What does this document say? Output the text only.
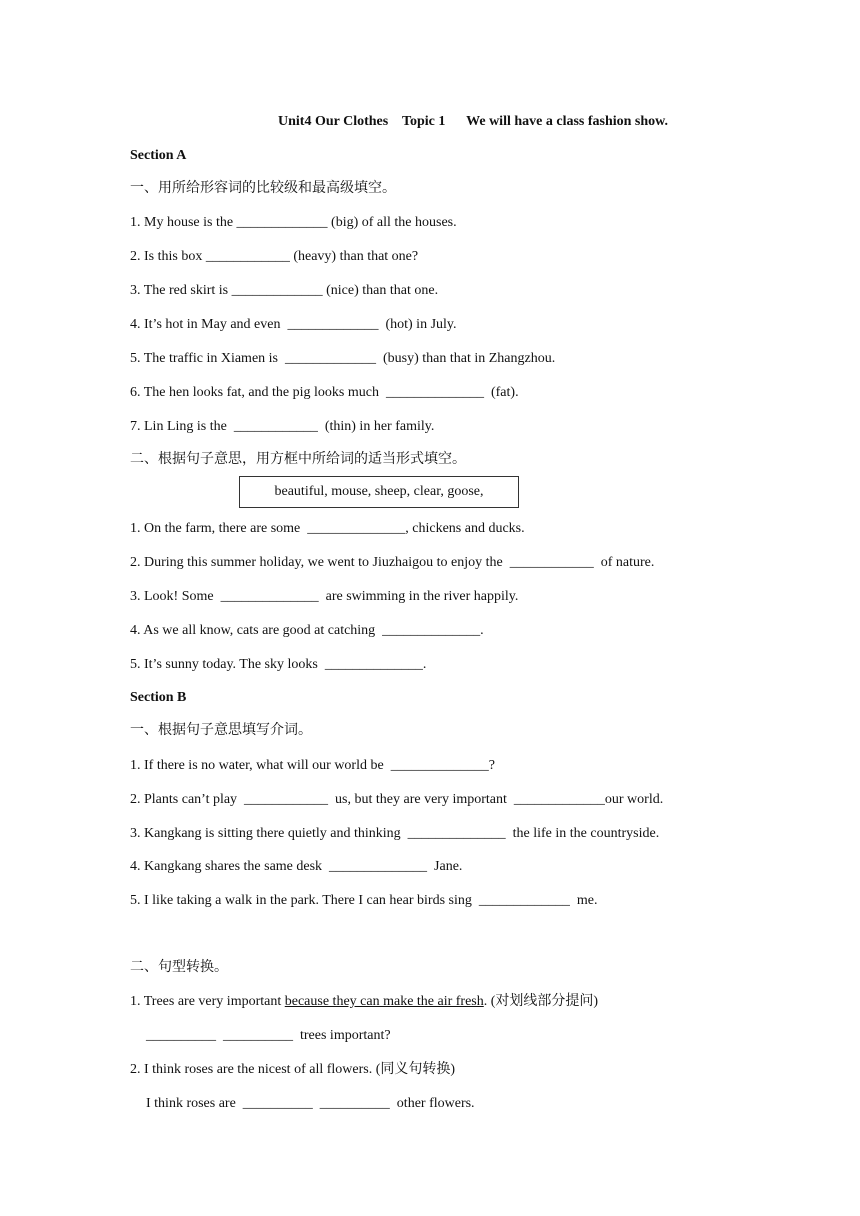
Unit4 Our Clothes    Topic 1      We will have a class fashion show.
Section A
一、用所给形容词的比较级和最高级填空。
1. My house is the _____________ (big) of all the houses.
2. Is this box ____________ (heavy) than that one?
3. The red skirt is _____________ (nice) than that one.
4. It’s hot in May and even  _____________  (hot) in July.
5. The traffic in Xiamen is  _____________  (busy) than that in Zhangzhou.
6. The hen looks fat, and the pig looks much  ______________  (fat).
7. Lin Ling is the  ____________  (thin) in her family.
二、根据句子意思，用方框中所给词的适当形式填空。
beautiful, mouse, sheep, clear, goose,
1. On the farm, there are some  ______________, chickens and ducks.
2. During this summer holiday, we went to Jiuzhaigou to enjoy the  ____________  of nature.
3. Look! Some  ______________  are swimming in the river happily.
4. As we all know, cats are good at catching  ______________.
5. It’s sunny today. The sky looks  ______________.
Section B
一、根据句子意思填写介词。
1. If there is no water, what will our world be  ______________?
2. Plants can’t play  ____________  us, but they are very important  _____________our world.
3. Kangkang is sitting there quietly and thinking  ______________  the life in the countryside.
4. Kangkang shares the same desk  ______________  Jane.
5. I like taking a walk in the park. There I can hear birds sing  _____________  me.
二、句型转换。
1. Trees are very important because they can make the air fresh. (对划线部分提问)
__________  __________  trees important?
2. I think roses are the nicest of all flowers. (同义句转换)
I think roses are  __________  __________  other flowers.
